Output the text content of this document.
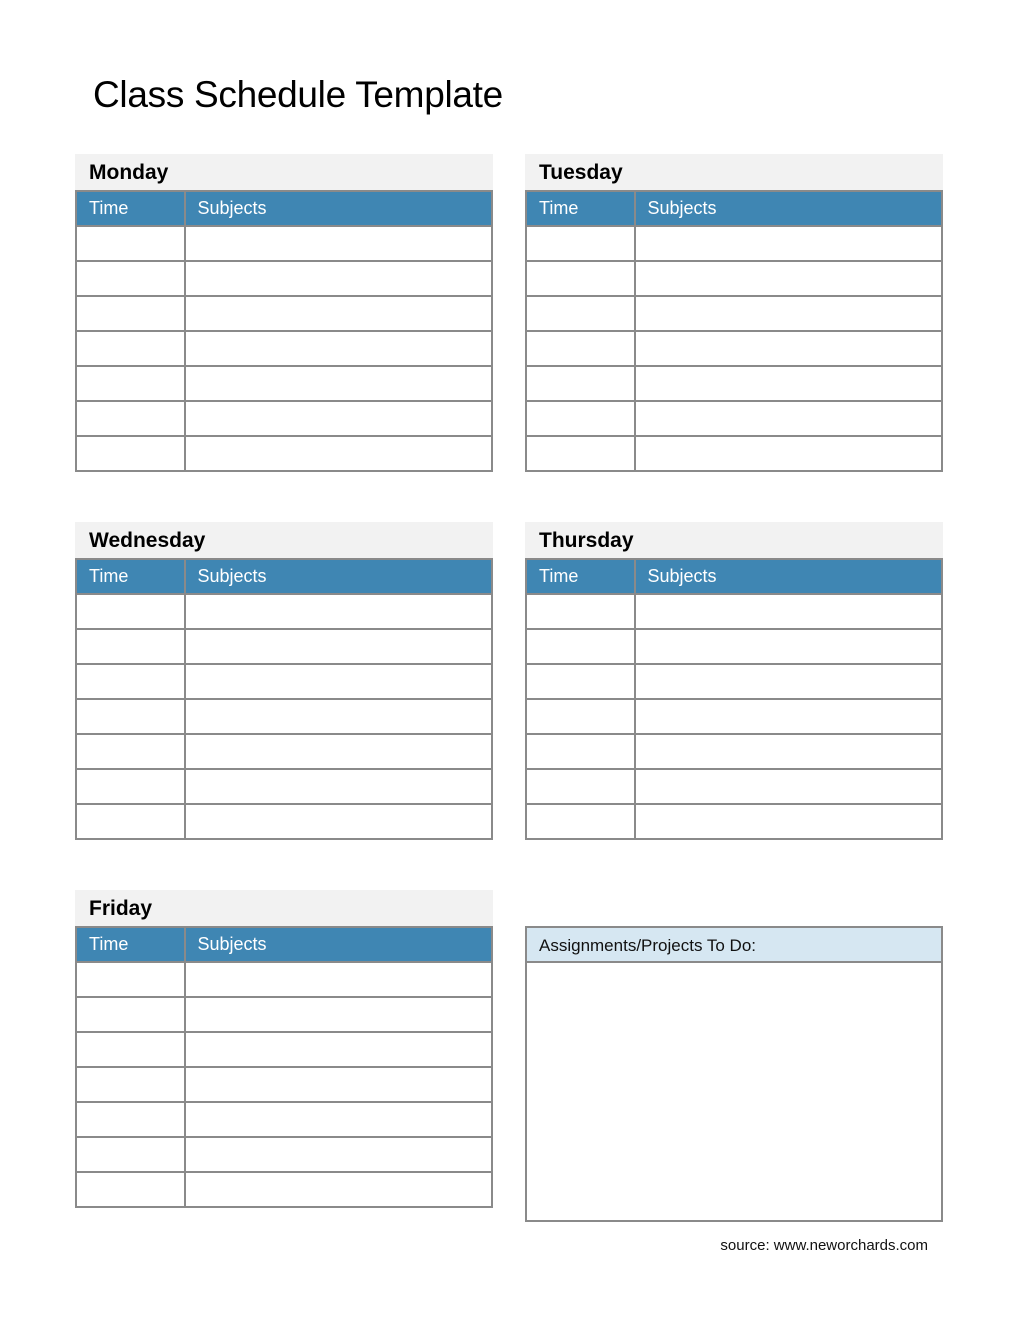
Class Schedule Template
Monday
Time	Subjects

Tuesday
Time	Subjects

Wednesday
Time	Subjects

Thursday
Time	Subjects

Friday
Time	Subjects

		Assignments/Projects To Do:
source: www.neworchards.com
